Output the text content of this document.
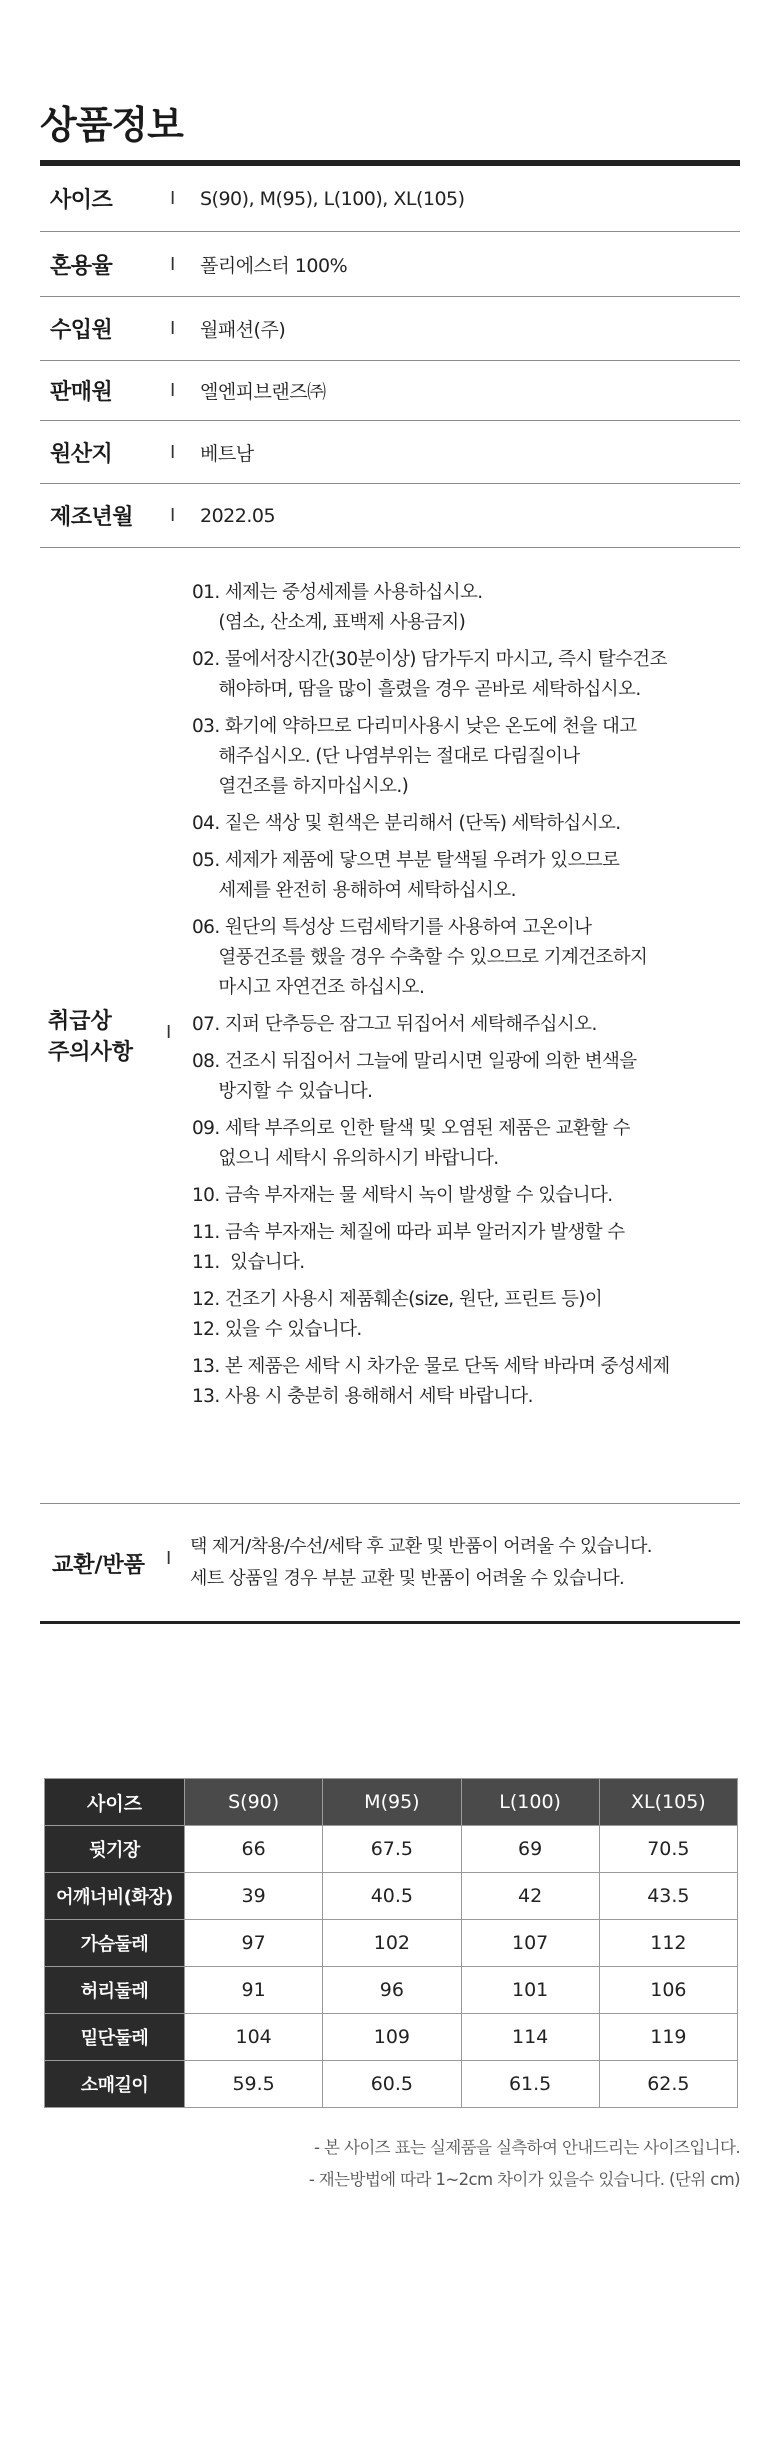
상품정보
사이즈	I	S(90), M(95), L(100), XL(105)
혼용율	I	폴리에스터 100%
수입원	I	월패션(주)
판매원	I	엘엔피브랜즈㈜
원산지	I	베트남
제조년월	I	2022.05
취급상
주의사항
I
01. 세제는 중성세제를 사용하십시오.
(염소, 산소계, 표백제 사용금지)
02. 물에서장시간(30분이상) 담가두지 마시고, 즉시 탈수건조
해야하며, 땀을 많이 흘렸을 경우 곧바로 세탁하십시오.
03. 화기에 약하므로 다리미사용시 낮은 온도에 천을 대고
해주십시오. (단 나염부위는 절대로 다림질이나
열건조를 하지마십시오.)
04. 짙은 색상 및 흰색은 분리해서 (단독) 세탁하십시오.
05. 세제가 제품에 닿으면 부분 탈색될 우려가 있으므로
세제를 완전히 용해하여 세탁하십시오.
06. 원단의 특성상 드럼세탁기를 사용하여 고온이나
열풍건조를 했을 경우 수축할 수 있으므로 기계건조하지
마시고 자연건조 하십시오.
07. 지퍼 단추등은 잠그고 뒤집어서 세탁해주십시오.
08. 건조시 뒤집어서 그늘에 말리시면 일광에 의한 변색을
방지할 수 있습니다.
09. 세탁 부주의로 인한 탈색 및 오염된 제품은 교환할 수
없으니 세탁시 유의하시기 바랍니다.
10. 금속 부자재는 물 세탁시 녹이 발생할 수 있습니다.
11. 금속 부자재는 체질에 따라 피부 알러지가 발생할 수
11.  있습니다.
12. 건조기 사용시 제품훼손(size, 원단, 프린트 등)이
12. 있을 수 있습니다.
13. 본 제품은 세탁 시 차가운 물로 단독 세탁 바라며 중성세제
13. 사용 시 충분히 용해해서 세탁 바랍니다.
교환/반품 I
택 제거/착용/수선/세탁 후 교환 및 반품이 어려울 수 있습니다.
세트 상품일 경우 부분 교환 및 반품이 어려울 수 있습니다.
사이즈	S(90)	M(95)	L(100)	XL(105)
뒷기장	66	67.5	69	70.5
어깨너비(화장)	39	40.5	42	43.5
가슴둘레	97	102	107	112
허리둘레	91	96	101	106
밑단둘레	104	109	114	119
소매길이	59.5	60.5	61.5	62.5
- 본 사이즈 표는 실제품을 실측하여 안내드리는 사이즈입니다.
- 재는방법에 따라 1~2cm 차이가 있을수 있습니다. (단위 cm)
